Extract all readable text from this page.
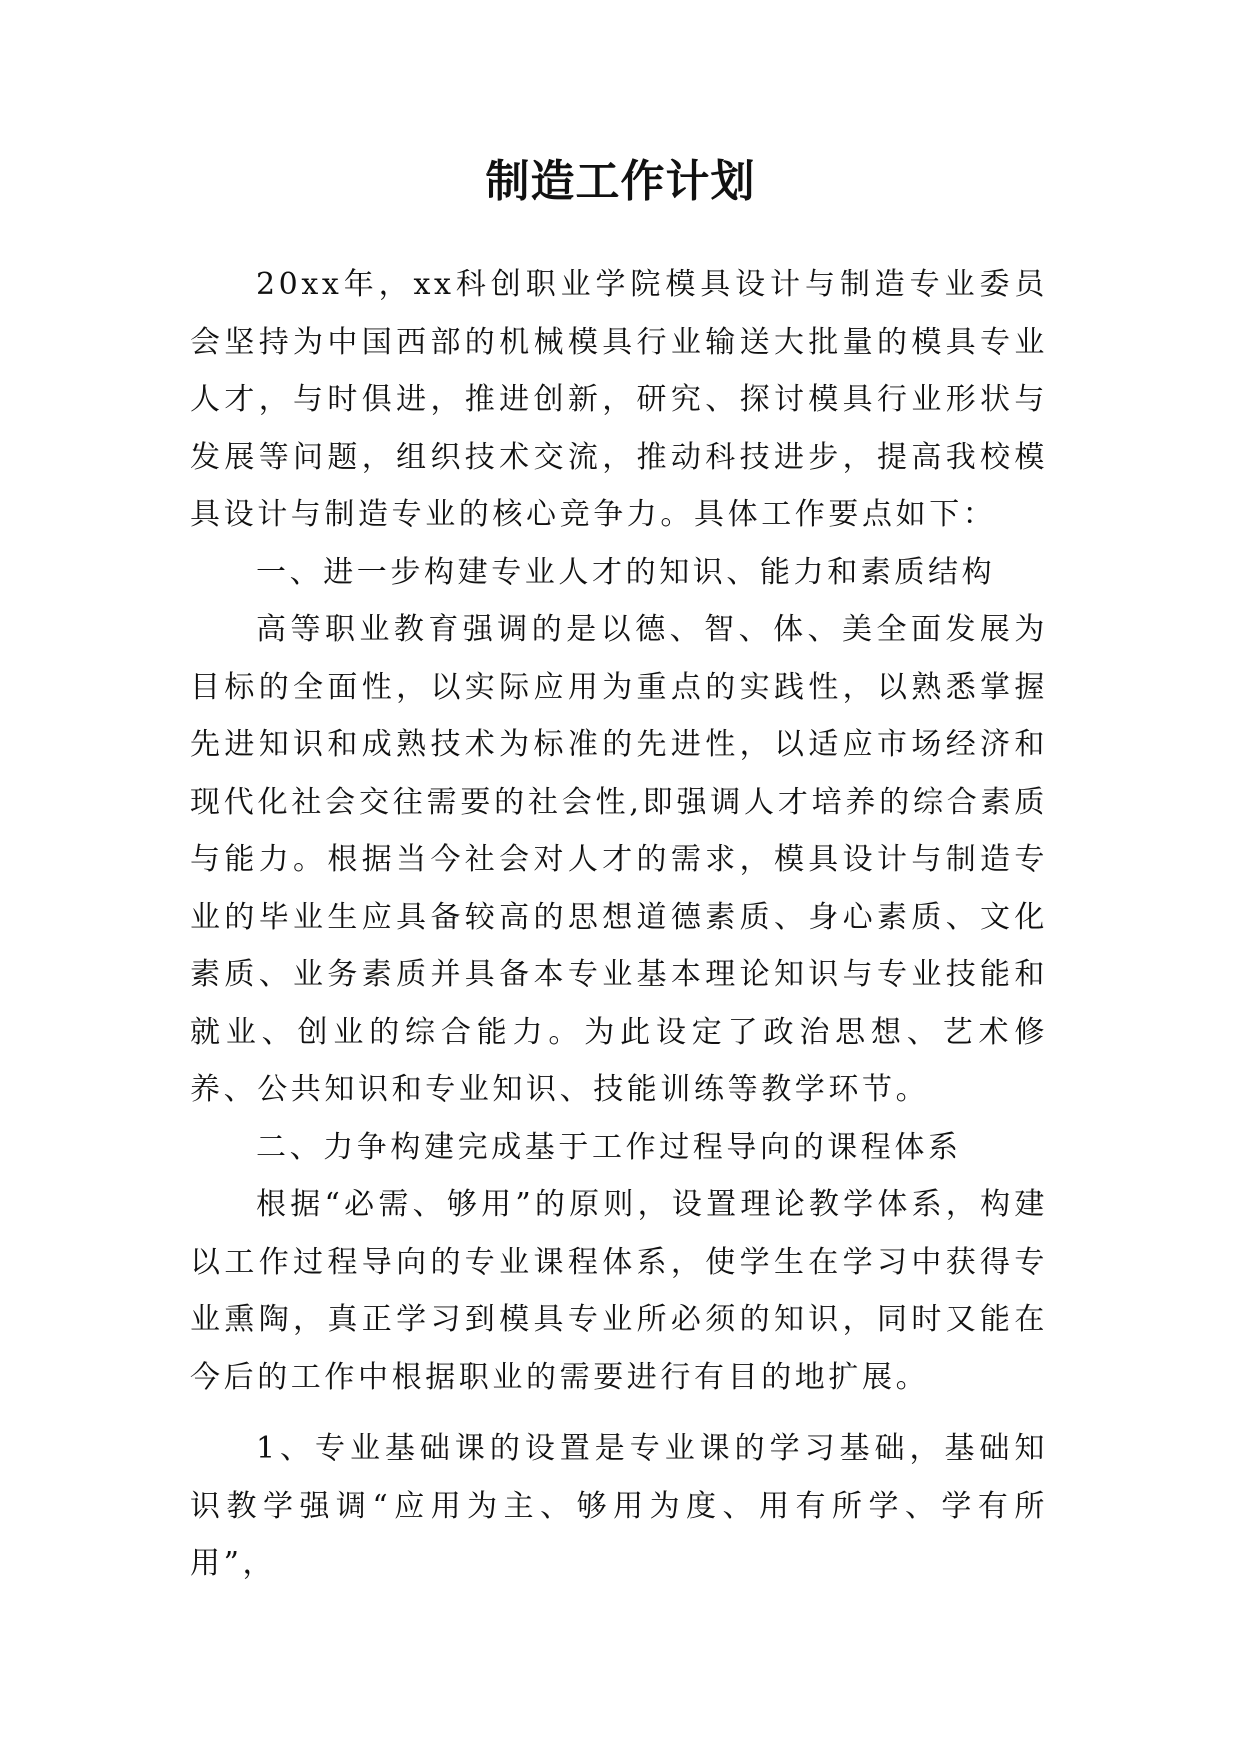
制造工作计划

20xx年，xx科创职业学院模具设计与制造专业委员会坚持为中国西部的机械模具行业输送大批量的模具专业人才，与时俱进，推进创新，研究、探讨模具行业形状与发展等问题，组织技术交流，推动科技进步，提高我校模具设计与制造专业的核心竞争力。具体工作要点如下：

一、进一步构建专业人才的知识、能力和素质结构

高等职业教育强调的是以德、智、体、美全面发展为目标的全面性，以实际应用为重点的实践性，以熟悉掌握先进知识和成熟技术为标准的先进性，以适应市场经济和现代化社会交往需要的社会性,即强调人才培养的综合素质与能力。根据当今社会对人才的需求，模具设计与制造专业的毕业生应具备较高的思想道德素质、身心素质、文化素质、业务素质并具备本专业基本理论知识与专业技能和就业、创业的综合能力。为此设定了政治思想、艺术修养、公共知识和专业知识、技能训练等教学环节。

二、力争构建完成基于工作过程导向的课程体系

根据“必需、够用”的原则，设置理论教学体系，构建以工作过程导向的专业课程体系，使学生在学习中获得专业熏陶，真正学习到模具专业所必须的知识，同时又能在今后的工作中根据职业的需要进行有目的地扩展。

1、专业基础课的设置是专业课的学习基础，基础知识教学强调“应用为主、够用为度、用有所学、学有所用”，
